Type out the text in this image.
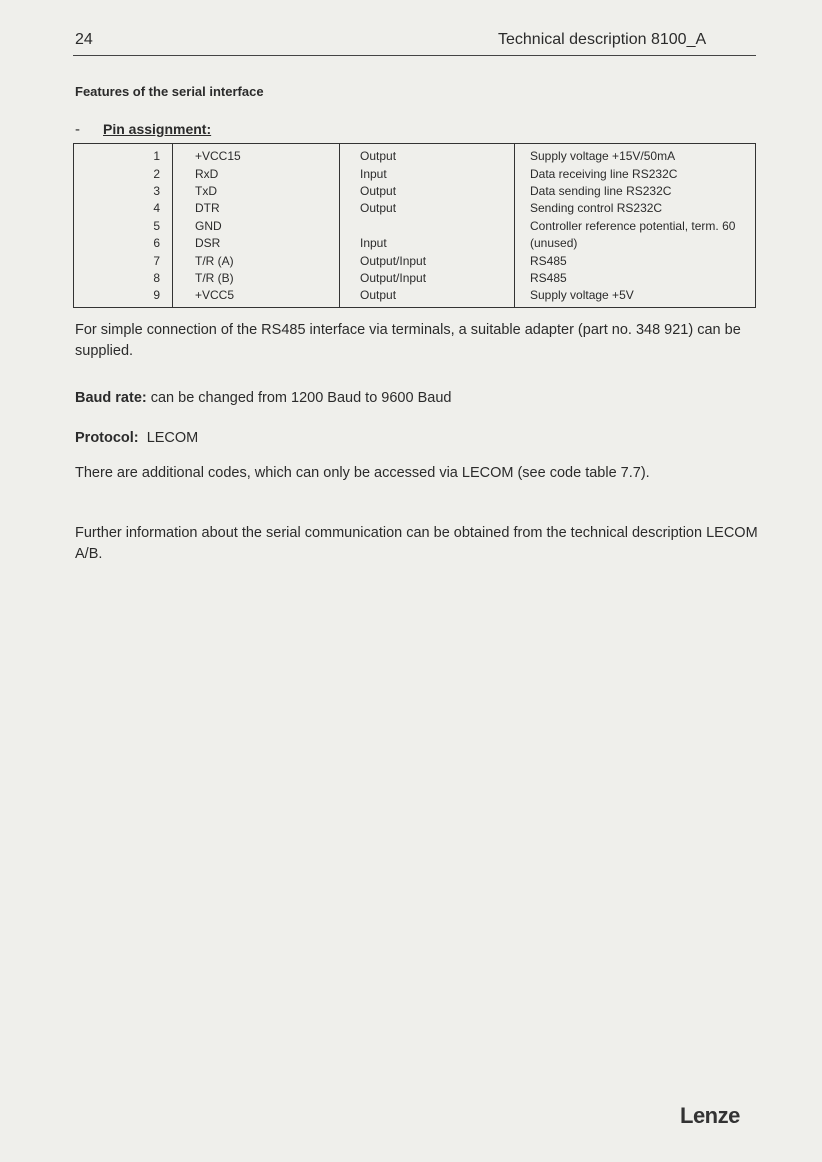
24	Technical description 8100_A
Features of the serial interface
- Pin assignment:
1	+VCC15	Output	Supply voltage +15V/50mA
2	RxD	Input	Data receiving line RS232C
3	TxD	Output	Data sending line RS232C
4	DTR	Output	Sending control RS232C
5	GND		Controller reference potential, term. 60
6	DSR	Input	(unused)
7	T/R (A)	Output/Input	RS485
8	T/R (B)	Output/Input	RS485
9	+VCC5	Output	Supply voltage +5V
For simple connection of the RS485 interface via terminals, a suitable adapter (part no. 348 921) can be supplied.
Baud rate: can be changed from 1200 Baud to 9600 Baud
Protocol:  LECOM
There are additional codes, which can only be accessed via LECOM (see code table 7.7).
Further information about the serial communication can be obtained from the technical description LECOM A/B.
Lenze
